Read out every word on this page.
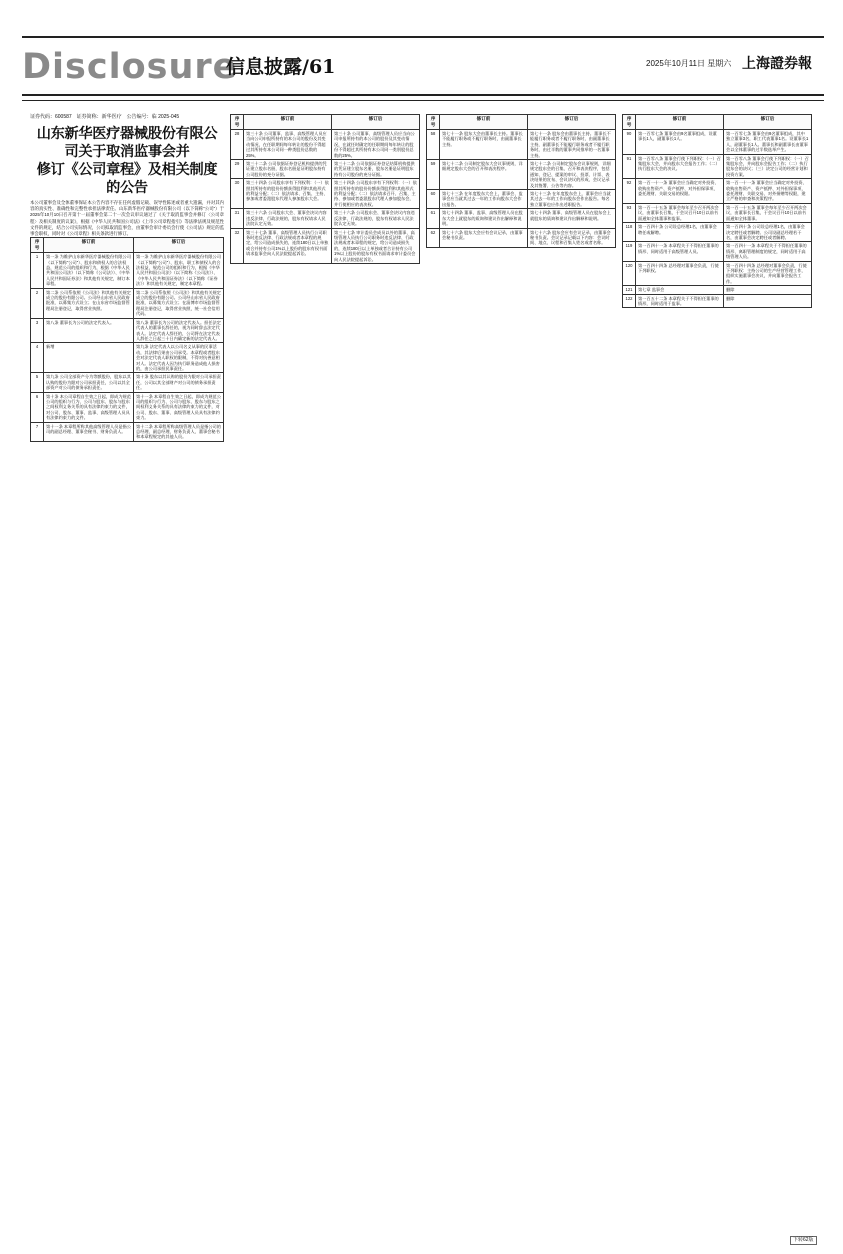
Disclosure
信息披露/61	2025年10月11日 星期六 上海證券報

证券代码：600587　证券简称：新华医疗　公告编号：临 2025-045

山东新华医疗器械股份有限公司关于取消监事会并
修订《公司章程》及相关制度的公告

本公司董事会及全体董事保证本公告内容不存在任何虚假记载、误导性陈述或者重大遗漏，并对其内容的真实性、准确性和完整性承担法律责任。山东新华医疗器械股份有限公司（以下简称“公司”）于2025年10月10日召开第十一届董事会第二十一次会议审议通过了《关于取消监事会并修订〈公司章程〉及相关制度的议案》，根据《中华人民共和国公司法》《上市公司章程指引》等法律法规及规范性文件的规定，结合公司实际情况，公司拟取消监事会，由董事会审计委员会行使《公司法》规定的监事会职权，同时对《公司章程》相关条款进行修订。

序号	修订前	修订后
1	第一条 为维护山东新华医疗器械股份有限公司（以下简称“公司”）、股东和债权人的合法权益，规范公司的组织和行为，根据《中华人民共和国公司法》（以下简称《公司法》）、《中华人民共和国证券法》和其他有关规定，制订本章程。	第一条 为维护山东新华医疗器械股份有限公司（以下简称“公司”）、股东、职工和债权人的合法权益，规范公司的组织和行为，根据《中华人民共和国公司法》（以下简称《公司法》）、《中华人民共和国证券法》（以下简称《证券法》）和其他有关规定，制定本章程。
2	第二条 公司系依照《公司法》和其他有关规定成立的股份有限公司。公司经山东省人民政府批准，以募集方式设立；在山东省市场监督管理局注册登记，取得营业执照。	第二条 公司系依照《公司法》和其他有关规定成立的股份有限公司。公司经山东省人民政府批准，以募集方式设立；在淄博市市场监督管理局注册登记，取得营业执照，统一社会信用代码。
3	第八条 董事长为公司的法定代表人。	第八条 董事长为公司的法定代表人。担任法定代表人的董事长辞任的，视为同时辞去法定代表人。法定代表人辞任的，公司将在法定代表人辞任之日起三十日内确定新的法定代表人。
4	新增	第九条 法定代表人以公司名义从事的民事活动，其法律后果由公司承受。本章程或者股东会对法定代表人职权的限制，不得对抗善意相对人。法定代表人因为执行职务造成他人损害的，由公司承担民事责任。
5	第九条 公司全部资产分为等额股份，股东以其认购的股份为限对公司承担责任，公司以其全部资产对公司的债务承担责任。	第十条 股东以其认购的股份为限对公司承担责任，公司以其全部财产对公司的债务承担责任。
6	第十条 本公司章程自生效之日起，即成为规范公司的组织与行为、公司与股东、股东与股东之间权利义务关系的具有法律约束力的文件，对公司、股东、董事、监事、高级管理人员具有法律约束力的文件。	第十一条 本章程自生效之日起，即成为规范公司的组织与行为、公司与股东、股东与股东之间权利义务关系的具有法律约束力的文件，对公司、股东、董事、高级管理人员具有法律约束力。
7	第十一条 本章程所称其他高级管理人员是指公司的副总经理、董事会秘书、财务负责人。	第十二条 本章程所称高级管理人员是指公司的总经理、副总经理、财务负责人、董事会秘书和本章程规定的其他人员。
序号	修订前	修订后
28	第三十条 公司董事、监事、高级管理人员应当向公司申报所持有的本公司的股份及其变动情况，在任职期间每年转让的股份不得超过其所持有本公司同一种类股份总数的25%。	第三十条 公司董事、高级管理人员应当向公司申报所持有的本公司的股份及其变动情况，在就任时确定的任职期间每年转让的股份不得超过其所持有本公司同一类别股份总数的25%。
29	第三十二条 公司依据证券登记机构提供的凭证建立股东名册，股东名册是证明股东持有公司股份的充分证据。	第三十二条 公司依据证券登记结算机构提供的凭证建立股东名册，股东名册是证明股东持有公司股份的充分证据。
30	第三十四条 公司股东享有下列权利：（一）依照其所持有的股份份额获得股利和其他形式的利益分配；（二）依法请求、召集、主持、参加或者委派股东代理人参加股东大会。	第三十四条 公司股东享有下列权利：（一）依照其所持有的股份份额获得股利和其他形式的利益分配；（二）依法请求召开、召集、主持、参加或者委派股东代理人参加股东会，并行使相应的表决权。
31	第三十六条 公司股东大会、董事会决议内容违反法律、行政法规的，股东有权请求人民法院认定无效。	第三十六条 公司股东会、董事会决议内容违反法律、行政法规的，股东有权请求人民法院认定无效。
32	第三十七条 董事、高级管理人员执行公司职务时违反法律、行政法规或者本章程的规定，给公司造成损失的，连续180日以上单独或合并持有公司1%以上股份的股东有权书面请求监事会向人民法院提起诉讼。	第三十七条 审计委员会成员以外的董事、高级管理人员执行公司职务时违反法律、行政法规或者本章程的规定，给公司造成损失的，连续180日以上单独或者合计持有公司1%以上股份的股东有权书面请求审计委员会向人民法院提起诉讼。
序号	修订前	修订后
58	第七十一条 股东大会由董事长主持。董事长不能履行职务或不履行职务时，由副董事长主持。	第七十一条 股东会由董事长主持。董事长不能履行职务或者不履行职务时，由副董事长主持，副董事长不能履行职务或者不履行职务时，由过半数的董事共同推举的一名董事主持。
59	第七十二条 公司制定股东大会议事规则，详细规定股东大会的召开和表决程序。	第七十二条 公司制定股东会议事规则，详细规定股东会的召集、召开和表决程序，包括通知、登记、提案的审议、投票、计票、表决结果的宣布、会议决议的形成、会议记录及其签署、公告等内容。
60	第七十三条 在年度股东大会上，董事会、监事会应当就其过去一年的工作向股东大会作出报告。	第七十三条 在年度股东会上，董事会应当就其过去一年的工作向股东会作出报告。每名独立董事也应作出述职报告。
61	第七十四条 董事、监事、高级管理人员在股东大会上就股东的质询和建议作出解释和说明。	第七十四条 董事、高级管理人员在股东会上就股东的质询和建议作出解释和说明。
62	第七十六条 股东大会应有会议记录，由董事会秘书负责。	第七十六条 股东会应有会议记录，由董事会秘书负责。会议记录记载以下内容：会议时间、地点、议程和召集人姓名或者名称。
序号	修订前	修订后
90	第一百零七条 董事会由9名董事组成，设董事长1人，副董事长1人。	第一百零七条 董事会由9名董事组成，其中独立董事3名，职工代表董事1名。设董事长1人，副董事长1人。董事长和副董事长由董事会以全体董事的过半数选举产生。
91	第一百零八条 董事会行使下列职权：（一）召集股东大会，并向股东大会报告工作；（二）执行股东大会的决议。	第一百零八条 董事会行使下列职权：（一）召集股东会，并向股东会报告工作；（二）执行股东会的决议；（三）决定公司的经营计划和投资方案。
92	第一百一十一条 董事会应当确定对外投资、收购出售资产、资产抵押、对外担保事项、委托理财、关联交易的权限。	第一百一十一条 董事会应当确定对外投资、收购出售资产、资产抵押、对外担保事项、委托理财、关联交易、对外捐赠等权限，建立严格的审查和决策程序。
93	第一百一十五条 董事会每年至少召开两次会议，由董事长召集，于会议召开10日以前书面通知全体董事和监事。	第一百一十五条 董事会每年至少召开两次会议，由董事长召集，于会议召开10日以前书面通知全体董事。
118	第一百四十条 公司设总经理1名，由董事会聘任或解聘。	第一百四十条 公司设总经理1名，由董事会决定聘任或者解聘。公司设副总经理若干名，由董事会决定聘任或者解聘。
119	第一百四十一条 本章程关于不得担任董事的情形、同时适用于高级管理人员。	第一百四十一条 本章程关于不得担任董事的情形、离职管理制度的规定，同时适用于高级管理人员。
120	第一百四十四条 总经理对董事会负责，行使下列职权。	第一百四十四条 总经理对董事会负责，行使下列职权：主持公司的生产经营管理工作，组织实施董事会决议，并向董事会报告工作。
121	第七章 监事会	删除
122	第一百五十二条 本章程关于不得担任董事的情形，同时适用于监事。	删除
下转62版
